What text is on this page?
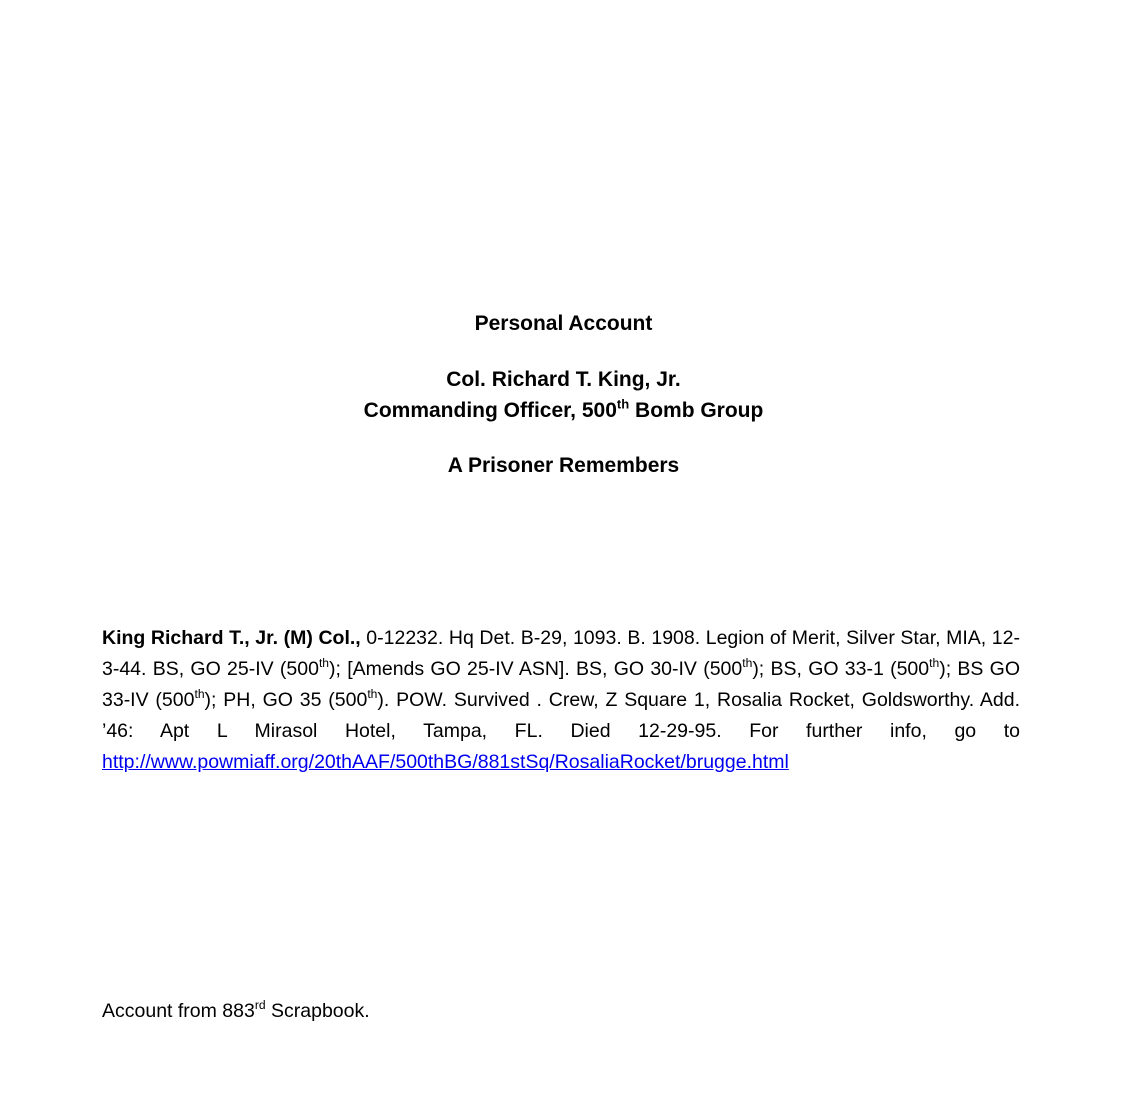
Personal Account
Col. Richard T. King, Jr.
Commanding Officer, 500th Bomb Group
A Prisoner Remembers
King Richard T., Jr. (M) Col., 0-12232. Hq Det. B-29, 1093. B. 1908. Legion of Merit, Silver Star, MIA, 12-3-44. BS, GO 25-IV (500th); [Amends GO 25-IV ASN]. BS, GO 30-IV (500th); BS, GO 33-1 (500th); BS GO 33-IV (500th); PH, GO 35 (500th). POW. Survived . Crew, Z Square 1, Rosalia Rocket, Goldsworthy. Add. ’46: Apt L Mirasol Hotel, Tampa, FL. Died 12-29-95. For further info, go to http://www.powmiaff.org/20thAAF/500thBG/881stSq/RosaliaRocket/brugge.html
Account from 883rd Scrapbook.
